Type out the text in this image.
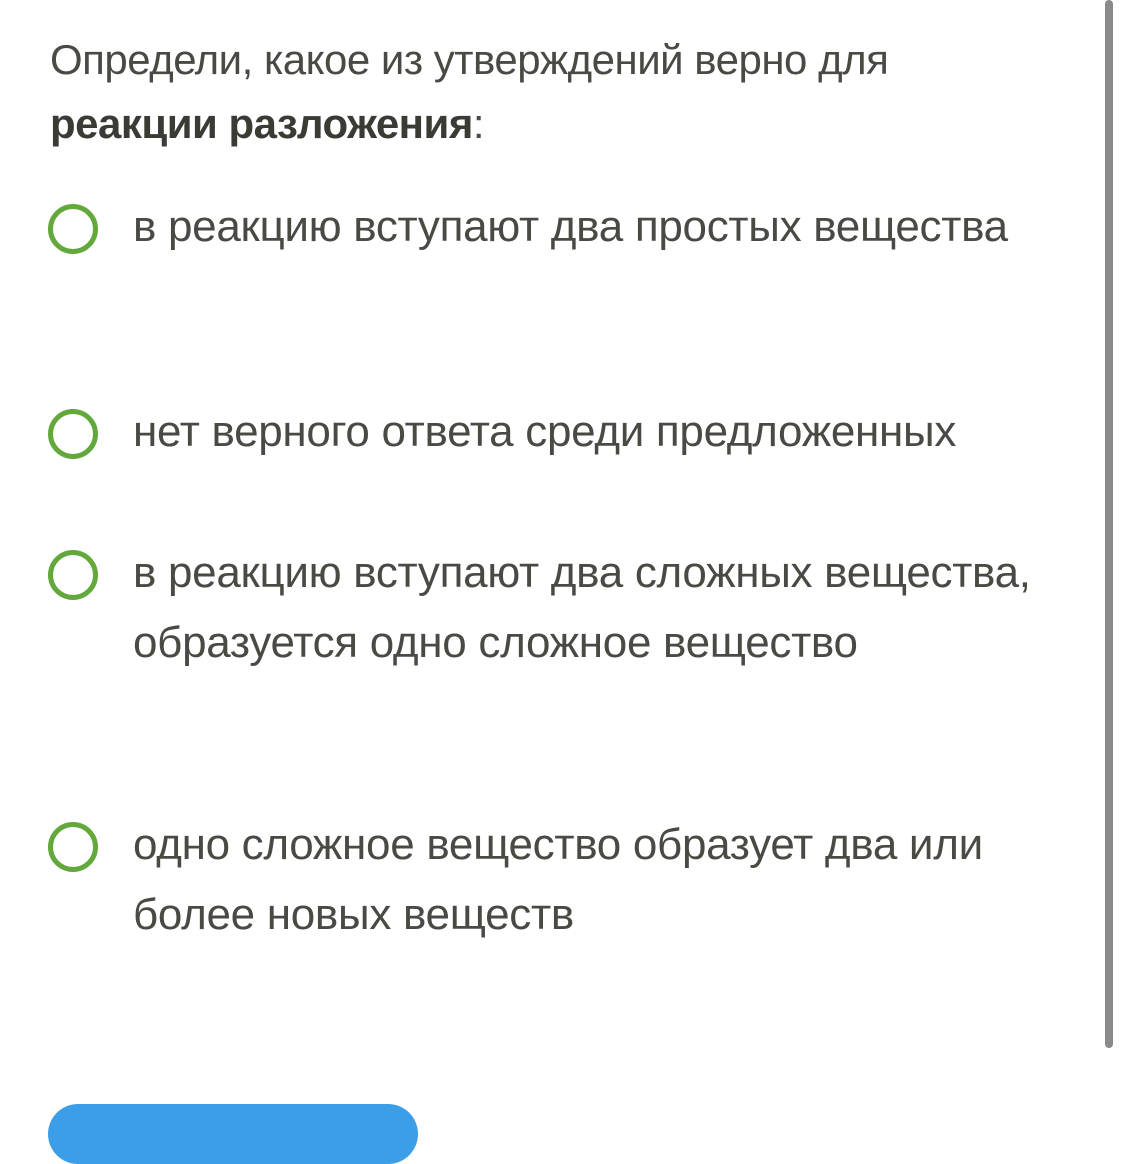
Определи, какое из утверждений верно для реакции разложения:
в реакцию вступают два простых вещества
нет верного ответа среди предложенных
в реакцию вступают два сложных вещества, образуется одно сложное вещество
одно сложное вещество образует два или более новых веществ
